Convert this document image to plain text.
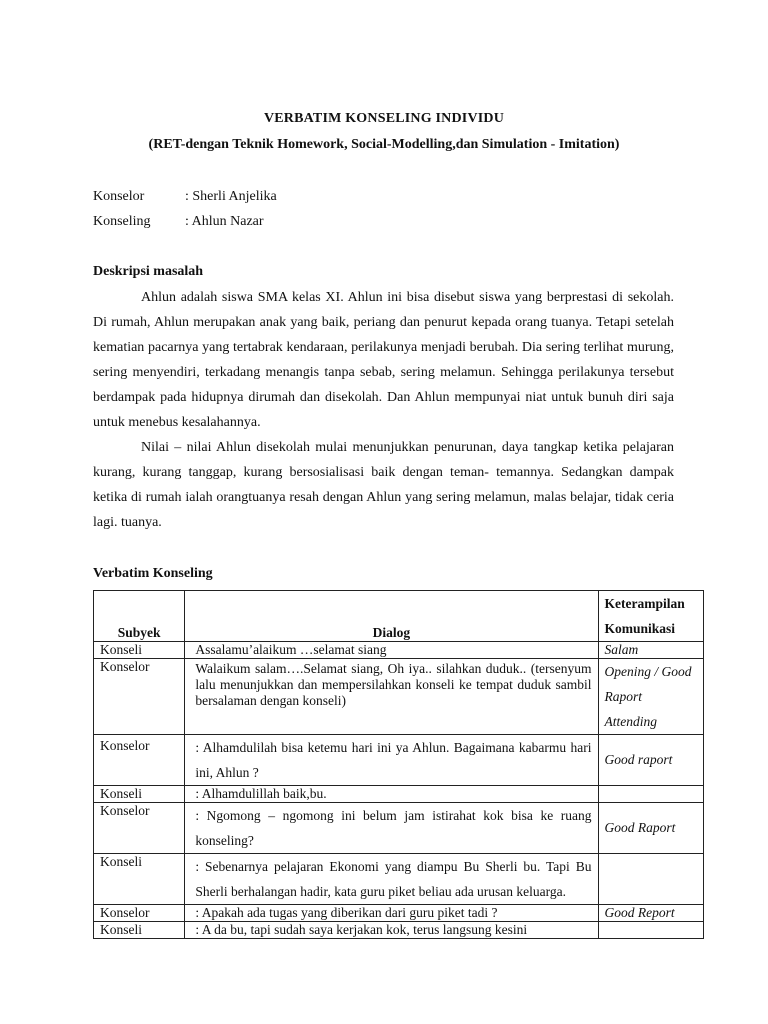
VERBATIM KONSELING INDIVIDU
(RET-dengan Teknik Homework, Social-Modelling,dan Simulation - Imitation)
Konselor	: Sherli Anjelika
Konseling : Ahlun Nazar
Deskripsi masalah

Ahlun adalah siswa SMA kelas XI. Ahlun ini bisa disebut siswa yang berprestasi di sekolah. Di rumah, Ahlun merupakan anak yang baik, periang dan penurut kepada orang tuanya. Tetapi setelah kematian pacarnya yang tertabrak kendaraan, perilakunya menjadi berubah. Dia sering terlihat murung, sering menyendiri, terkadang menangis tanpa sebab, sering melamun. Sehingga perilakunya tersebut berdampak pada hidupnya dirumah dan disekolah. Dan Ahlun mempunyai niat untuk bunuh diri saja untuk menebus kesalahannya.

Nilai – nilai Ahlun disekolah mulai menunjukkan penurunan, daya tangkap ketika pelajaran kurang, kurang tanggap, kurang bersosialisasi baik dengan teman- temannya. Sedangkan dampak ketika di rumah ialah orangtuanya resah dengan Ahlun yang sering melamun, malas belajar, tidak ceria lagi. tuanya.

Verbatim Konseling
Subyek	Dialog	Keterampilan Komunikasi
Konseli	Assalamu’alaikum …selamat siang	Salam
Konselor	Walaikum salam….Selamat siang, Oh iya.. silahkan duduk.. (tersenyum lalu menunjukkan dan mempersilahkan konseli ke tempat duduk sambil bersalaman dengan konseli)	Opening / Good Raport Attending
Konselor	: Alhamdulilah bisa ketemu hari ini ya Ahlun. Bagaimana kabarmu hari ini, Ahlun ?	Good raport
Konseli	: Alhamdulillah baik,bu.	
Konselor	: Ngomong – ngomong ini belum jam istirahat kok bisa ke ruang konseling?	Good Raport
Konseli	: Sebenarnya pelajaran Ekonomi yang diampu Bu Sherli bu. Tapi Bu Sherli berhalangan hadir, kata guru piket beliau ada urusan keluarga.	
Konselor	: Apakah ada tugas yang diberikan dari guru piket tadi ?	Good Report
Konseli	: A da bu, tapi sudah saya kerjakan kok, terus langsung kesini	
